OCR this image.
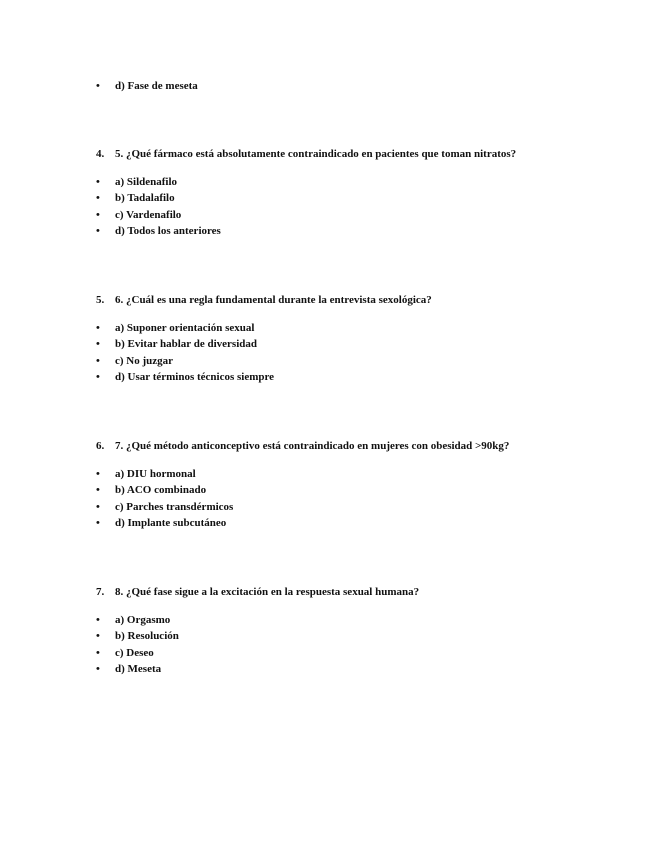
•	d) Fase de meseta
4. 5. ¿Qué fármaco está absolutamente contraindicado en pacientes que toman nitratos?
•	a) Sildenafilo
•	b) Tadalafilo
•	c) Vardenafilo
•	d) Todos los anteriores
5. 6. ¿Cuál es una regla fundamental durante la entrevista sexológica?
•	a) Suponer orientación sexual
•	b) Evitar hablar de diversidad
•	c) No juzgar
•	d) Usar términos técnicos siempre
6. 7. ¿Qué método anticonceptivo está contraindicado en mujeres con obesidad >90kg?
•	a) DIU hormonal
•	b) ACO combinado
•	c) Parches transdérmicos
•	d) Implante subcutáneo
7. 8. ¿Qué fase sigue a la excitación en la respuesta sexual humana?
•	a) Orgasmo
•	b) Resolución
•	c) Deseo
•	d) Meseta
